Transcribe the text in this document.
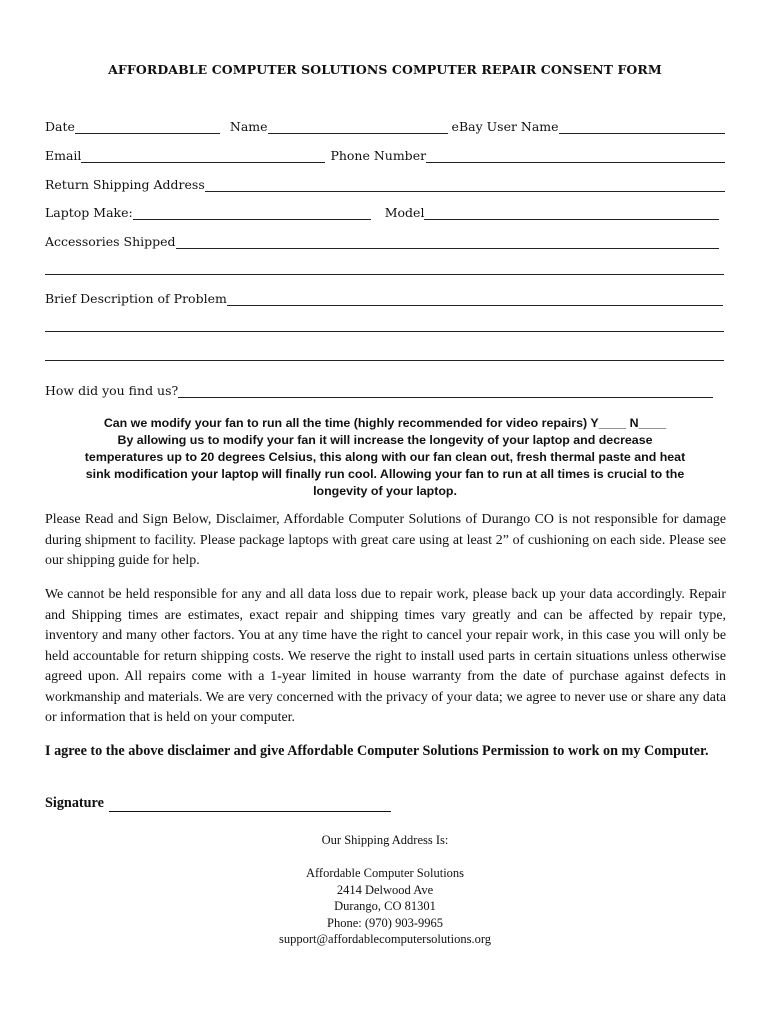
AFFORDABLE COMPUTER SOLUTIONS COMPUTER REPAIR CONSENT FORM
Date	Name	eBay User Name
Email	Phone Number
Return Shipping Address
Laptop Make:	Model
Accessories Shipped
Brief Description of Problem
How did you find us?
Can we modify your fan to run all the time (highly recommended for video repairs) Y____ N____
By allowing us to modify your fan it will increase the longevity of your laptop and decrease
temperatures up to 20 degrees Celsius, this along with our fan clean out, fresh thermal paste and heat
sink modification your laptop will finally run cool. Allowing your fan to run at all times is crucial to the
longevity of your laptop.
Please Read and Sign Below, Disclaimer, Affordable Computer Solutions of Durango CO is not responsible for damage during shipment to facility. Please package laptops with great care using at least 2” of cushioning on each side. Please see our shipping guide for help.
We cannot be held responsible for any and all data loss due to repair work, please back up your data accordingly. Repair and Shipping times are estimates, exact repair and shipping times vary greatly and can be affected by repair type, inventory and many other factors. You at any time have the right to cancel your repair work, in this case you will only be held accountable for return shipping costs. We reserve the right to install used parts in certain situations unless otherwise agreed upon. All repairs come with a 1-year limited in house warranty from the date of purchase against defects in workmanship and materials. We are very concerned with the privacy of your data; we agree to never use or share any data or information that is held on your computer.
I agree to the above disclaimer and give Affordable Computer Solutions Permission to work on my Computer.
Signature
Our Shipping Address Is:
Affordable Computer Solutions
2414 Delwood Ave
Durango, CO 81301
Phone: (970) 903-9965
support@affordablecomputersolutions.org
